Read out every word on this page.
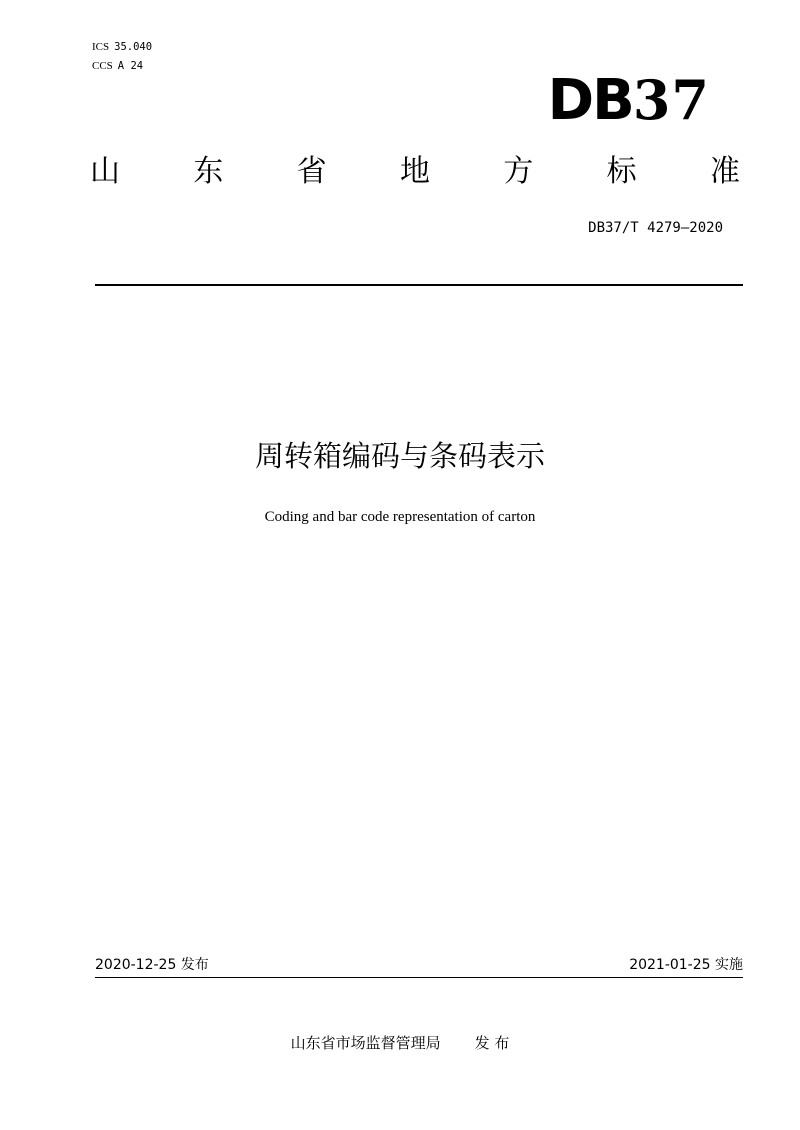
ICS 35.040
CCS A 24
DB37
山 东 省 地 方 标 准
DB37/T 4279—2020
周转箱编码与条码表示
Coding and bar code representation of carton
2020-12-25 发布	2021-01-25 实施
山东省市场监督管理局 发 布
